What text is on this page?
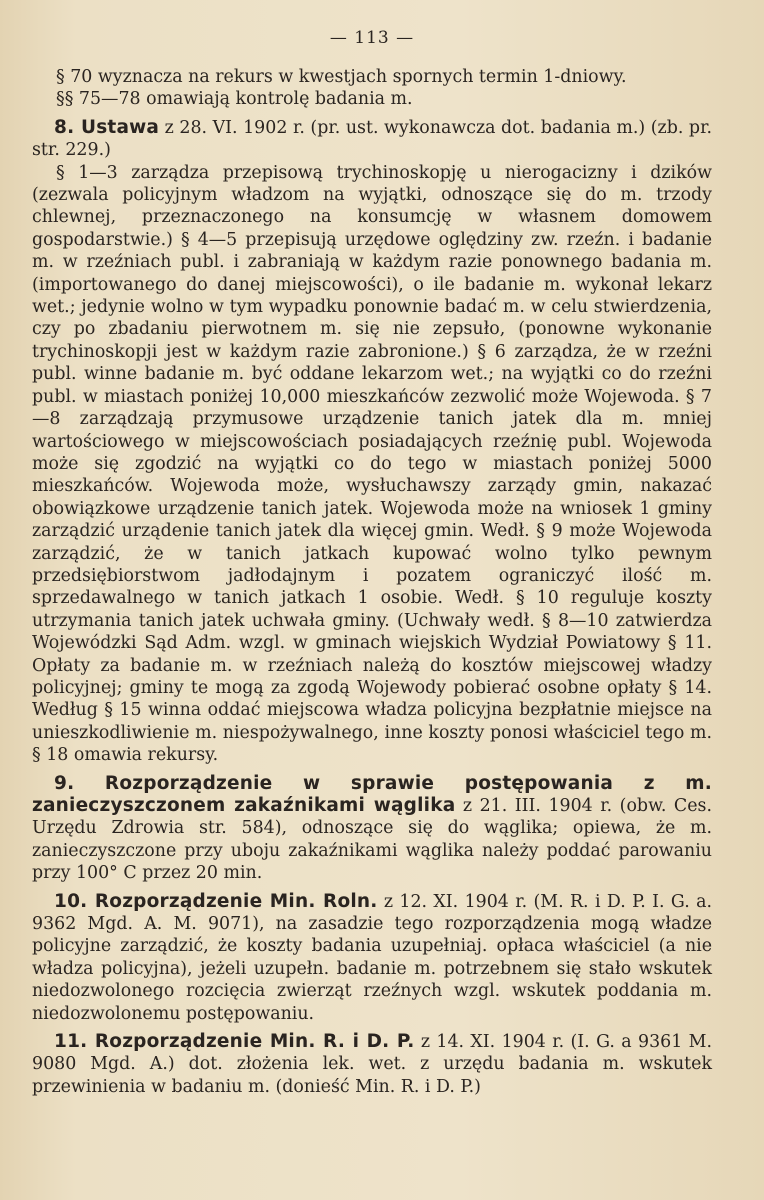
— 113 —

§ 70 wyznacza na rekurs w kwestjach spornych termin 1-dniowy.

§§ 75—78 omawiają kontrolę badania m.

8. Ustawa z 28. VI. 1902 r. (pr. ust. wykonawcza dot. badania m.) (zb. pr. str. 229.)

§ 1—3 zarządza przepisową trychinoskopję u nierogacizny i dzików (zezwala policyjnym władzom na wyjątki, odnoszące się do m. trzody chlewnej, przeznaczonego na konsumcję w własnem domowem gospodarstwie.) § 4—5 przepisują urzędowe oględziny zw. rzeźn. i badanie m. w rzeźniach publ. i zabraniają w każdym razie ponownego badania m. (importowanego do danej miejscowości), o ile badanie m. wykonał lekarz wet.; jedynie wolno w tym wypadku ponownie badać m. w celu stwierdzenia, czy po zbadaniu pierwotnem m. się nie zepsuło, (ponowne wykonanie trychinoskopji jest w każdym razie zabronione.) § 6 zarządza, że w rzeźni publ. winne badanie m. być oddane lekarzom wet.; na wyjątki co do rzeźni publ. w miastach poniżej 10,000 mieszkańców zezwolić może Wojewoda. § 7—8 zarządzają przymusowe urządzenie tanich jatek dla m. mniej wartościowego w miejscowościach posiadających rzeźnię publ. Wojewoda może się zgodzić na wyjątki co do tego w miastach poniżej 5000 mieszkańców. Wojewoda może, wysłuchawszy zarządy gmin, nakazać obowiązkowe urządzenie tanich jatek. Wojewoda może na wniosek 1 gminy zarządzić urządenie tanich jatek dla więcej gmin. Wedł. § 9 może Wojewoda zarządzić, że w tanich jatkach kupować wolno tylko pewnym przedsiębiorstwom jadłodajnym i pozatem ograniczyć ilość m. sprzedawalnego w tanich jatkach 1 osobie. Wedł. § 10 reguluje koszty utrzymania tanich jatek uchwała gminy. (Uchwały wedł. § 8—10 zatwierdza Wojewódzki Sąd Adm. wzgl. w gminach wiejskich Wydział Powiatowy § 11. Opłaty za badanie m. w rzeźniach należą do kosztów miejscowej władzy policyjnej; gminy te mogą za zgodą Wojewody pobierać osobne opłaty § 14. Według § 15 winna oddać miejscowa władza policyjna bezpłatnie miejsce na unieszkodliwienie m. niespożywalnego, inne koszty ponosi właściciel tego m. § 18 omawia rekursy.

9. Rozporządzenie w sprawie postępowania z m. zanieczyszczonem zakaźnikami wąglika z 21. III. 1904 r. (obw. Ces. Urzędu Zdrowia str. 584), odnoszące się do wąglika; opiewa, że m. zanieczyszczone przy uboju zakaźnikami wąglika należy poddać parowaniu przy 100° C przez 20 min.

10. Rozporządzenie Min. Roln. z 12. XI. 1904 r. (M. R. i D. P. I. G. a. 9362 Mgd. A. M. 9071), na zasadzie tego rozporządzenia mogą władze policyjne zarządzić, że koszty badania uzupełniaj. opłaca właściciel (a nie władza policyjna), jeżeli uzupełn. badanie m. potrzebnem się stało wskutek niedozwolonego rozcięcia zwierząt rzeźnych wzgl. wskutek poddania m. niedozwolonemu postępowaniu.

11. Rozporządzenie Min. R. i D. P. z 14. XI. 1904 r. (I. G. a 9361 M. 9080 Mgd. A.) dot. złożenia lek. wet. z urzędu badania m. wskutek przewinienia w badaniu m. (donieść Min. R. i D. P.)
